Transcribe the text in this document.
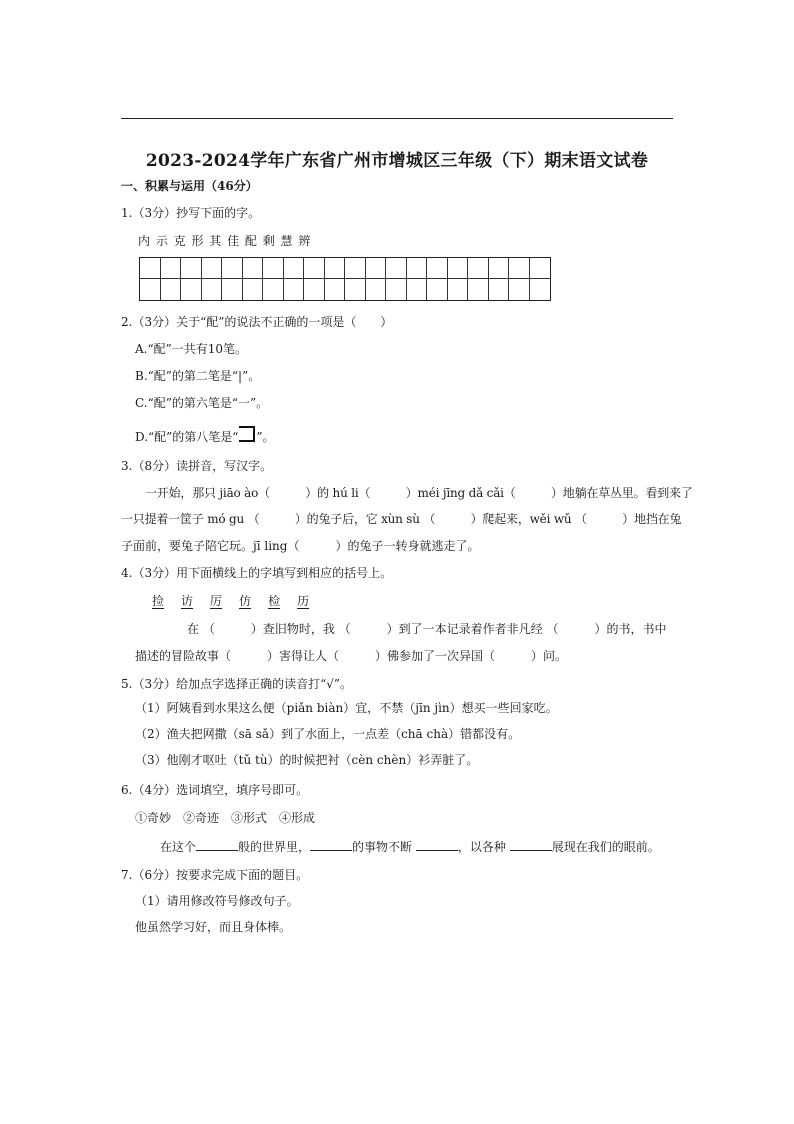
2023-2024学年广东省广州市增城区三年级（下）期末语文试卷
一、积累与运用（46分）
1.（3分）抄写下面的字。
内 示 克 形 其 佳 配 剩 慧 辨
2.（3分）关于“配”的说法不正确的一项是（　　）
A.“配”一共有10笔。
B.“配”的第二笔是“|”。
C.“配”的第六笔是“一”。
D.“配”的第八笔是“ ”。
3.（8分）读拼音，写汉字。
一开始，那只 jiāo ào（　　　）的 hú li（　　　）méi jīng dǎ cǎi（　　　）地躺在草丛里。看到来了
一只提着一筐子 mó gu （　　　）的兔子后，它 xùn sù （　　　）爬起来，wěi wǔ （　　　）地挡在兔
子面前，要兔子陪它玩。jī ling（　　　）的兔子一转身就逃走了。
4.（3分）用下面横线上的字填写到相应的括号上。
捡 访 厉 仿 检 历
在 （　　　）查旧物时，我 （　　　）到了一本记录着作者非凡经 （　　　）的书，书中
描述的冒险故事（　　　）害得让人（　　　）佛参加了一次异国（　　　）问。
5.（3分）给加点字选择正确的读音打“√”。
（1）阿姨看到水果这么便（piǎn biàn）宜，不禁（jīn jìn）想买一些回家吃。
（2）渔夫把网撒（sā sǎ）到了水面上，一点差（chā chà）错都没有。
（3）他刚才呕吐（tǔ tù）的时候把衬（cèn chèn）衫弄脏了。
6.（4分）选词填空，填序号即可。
①奇妙　②奇迹　③形式　④形成
在这个	般的世界里，	的事物不断	，以各种	展现在我们的眼前。
7.（6分）按要求完成下面的题目。
（1）请用修改符号修改句子。
他虽然学习好，而且身体棒。
